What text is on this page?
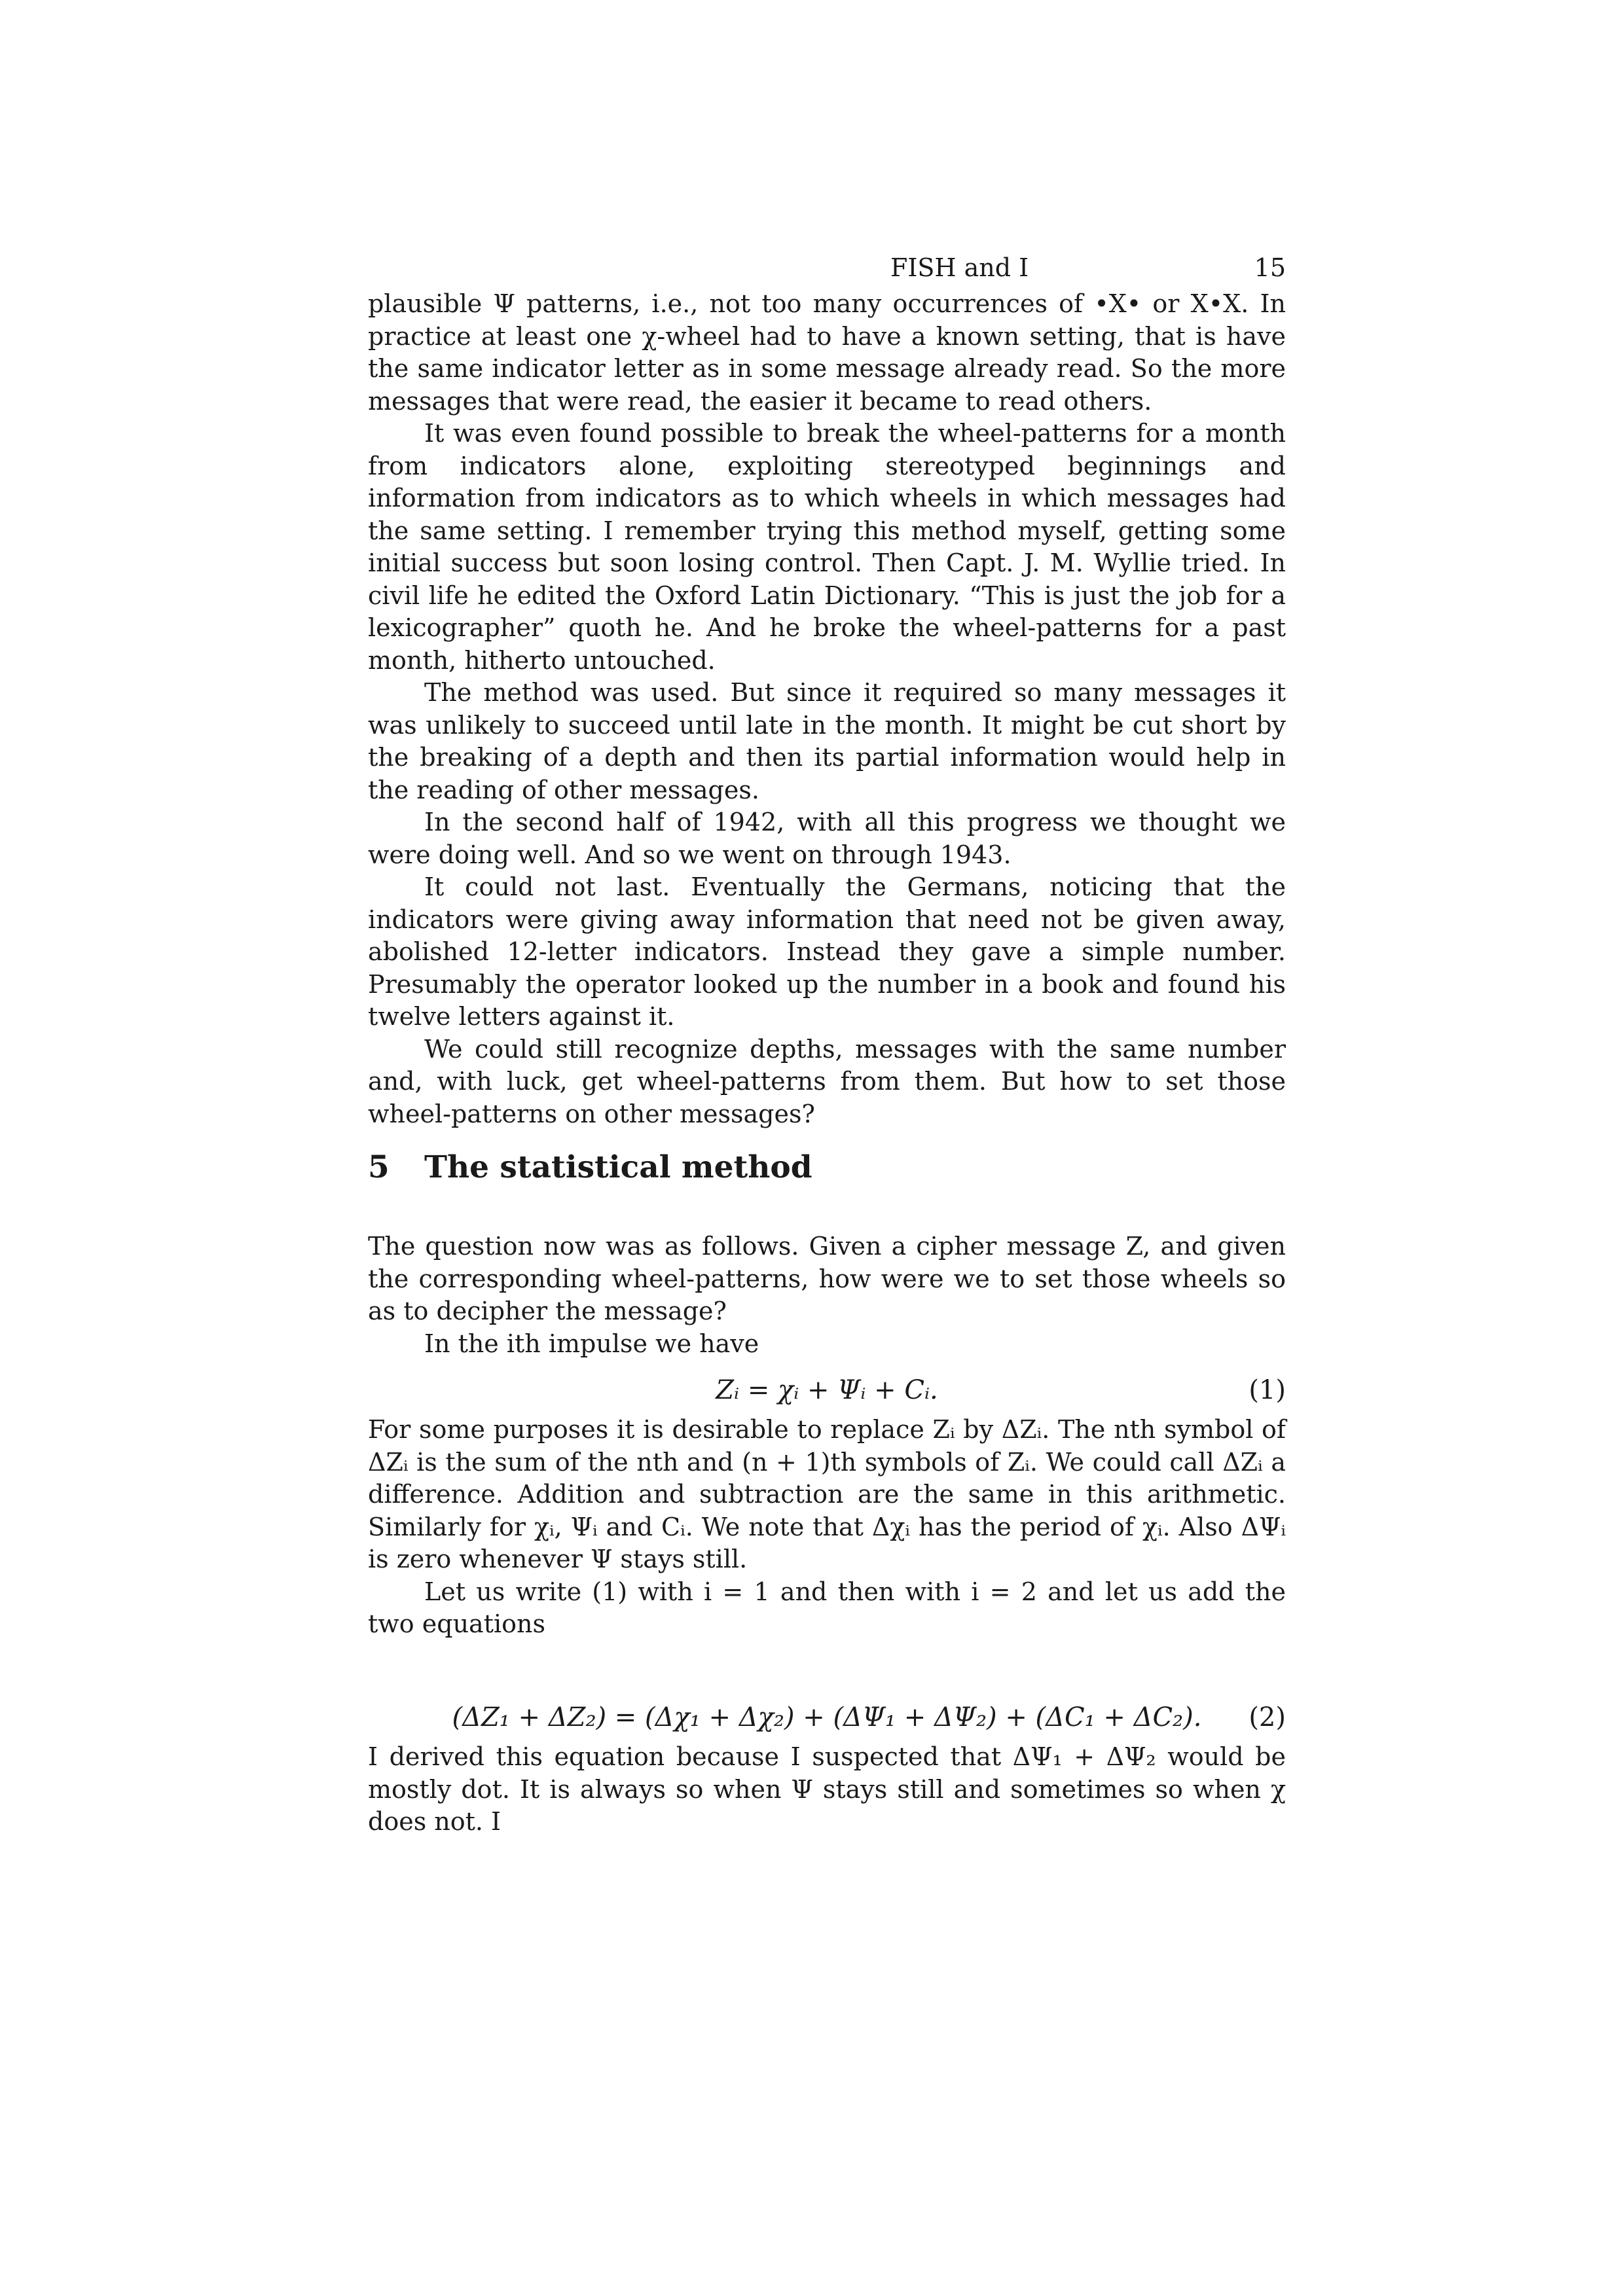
FISH and I	15

plausible Ψ patterns, i.e., not too many occurrences of •X• or X•X. In practice at least one χ-wheel had to have a known setting, that is have the same indicator letter as in some message already read. So the more messages that were read, the easier it became to read others.

It was even found possible to break the wheel-patterns for a month from indicators alone, exploiting stereotyped beginnings and information from indicators as to which wheels in which messages had the same setting. I remember trying this method myself, getting some initial success but soon losing control. Then Capt. J. M. Wyllie tried. In civil life he edited the Oxford Latin Dictionary. “This is just the job for a lexicographer” quoth he. And he broke the wheel-patterns for a past month, hitherto untouched.

The method was used. But since it required so many messages it was unlikely to succeed until late in the month. It might be cut short by the breaking of a depth and then its partial information would help in the reading of other messages.

In the second half of 1942, with all this progress we thought we were doing well. And so we went on through 1943.

It could not last. Eventually the Germans, noticing that the indicators were giving away information that need not be given away, abolished 12-letter indicators. Instead they gave a simple number. Presumably the operator looked up the number in a book and found his twelve letters against it.

We could still recognize depths, messages with the same number and, with luck, get wheel-patterns from them. But how to set those wheel-patterns on other messages?

5 The statistical method

The question now was as follows. Given a cipher message Z, and given the corresponding wheel-patterns, how were we to set those wheels so as to decipher the message?

In the ith impulse we have

Zᵢ = χᵢ + Ψᵢ + Cᵢ.	(1)

For some purposes it is desirable to replace Zᵢ by ΔZᵢ. The nth symbol of ΔZᵢ is the sum of the nth and (n + 1)th symbols of Zᵢ. We could call ΔZᵢ a difference. Addition and subtraction are the same in this arithmetic. Similarly for χᵢ, Ψᵢ and Cᵢ. We note that Δχᵢ has the period of χᵢ. Also ΔΨᵢ is zero whenever Ψ stays still.

Let us write (1) with i = 1 and then with i = 2 and let us add the two equations

(ΔZ₁ + ΔZ₂) = (Δχ₁ + Δχ₂) + (ΔΨ₁ + ΔΨ₂) + (ΔC₁ + ΔC₂). (2)

I derived this equation because I suspected that ΔΨ₁ + ΔΨ₂ would be mostly dot. It is always so when Ψ stays still and sometimes so when χ does not. I
